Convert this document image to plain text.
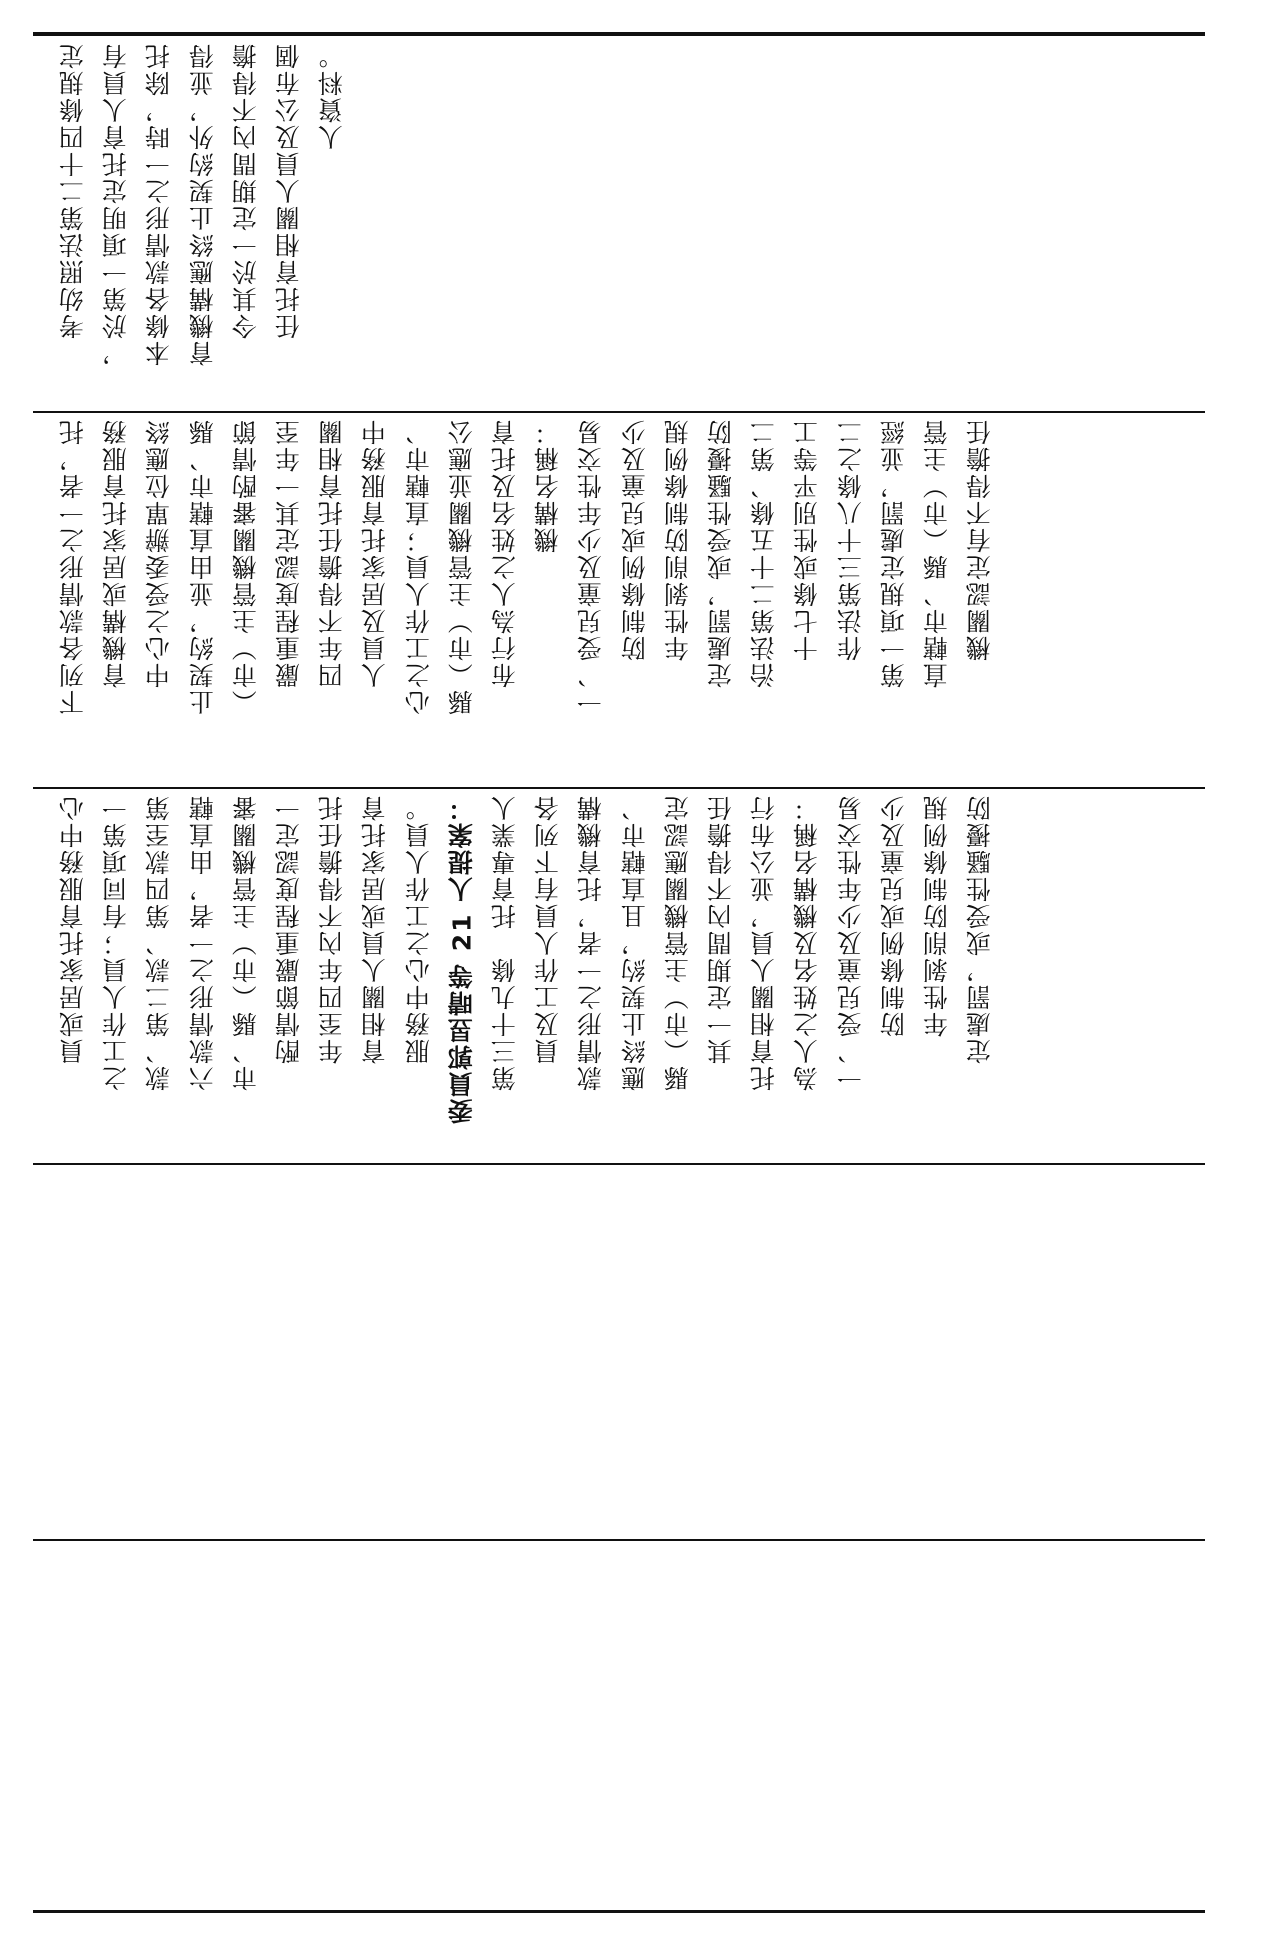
考幼照法第二十四條規定 ，於第一項明定托育人員有 本條各款情形之一時，除托 育機構應終止契約外，並得 令其於一定期間內不得擔 任托育相關人員及公布個 人資料。
下列各款情形之一者，托 育機構或居家托育服務 中心之受委辦單位應終 止契約，並由直轄市、縣 （市）主管機關審酌情節 嚴重程度認定其一年至 四年不得擔任托育相關 人員及居家托育服務中 心之工作人員；直轄市、 縣（市）主管機關並應公 布行為人之姓名及托育 機構名稱： 一、受兒童及少年性交易 防制條例或兒童及少 年性剝削防制條例規 定處罰，或受性騷擾防 治法第二十五條、第二 十七條或性別平等工 作法第三十八條之二 第一項規定處罰，並經 直轄市、縣（市）主管 機關認定有不得擔任
員或居家托育服務中心 之工作人員；有同項第一 款、第二款、第四款至第 六款情形之一者，由直轄 市、縣（市）主管機關審 酌情節嚴重程度認定一 年至四年內不得擔任托 育相關人員或居家托育 服務中心之工作人員。 委員郭昱晴等 21 人提案： 第三十九條　托育專業人 員及工作人員有下列各 款情形之一者，托育機構 應終止契約，且直轄市、 縣（市）主管機關應認定 其一定期間內不得擔任 托育相關人員，並公布行 為人之姓名及機構名稱： 一、受兒童及少年性交易 防制條例或兒童及少 年性剝削防制條例規 定處罰，或受性騷擾防
